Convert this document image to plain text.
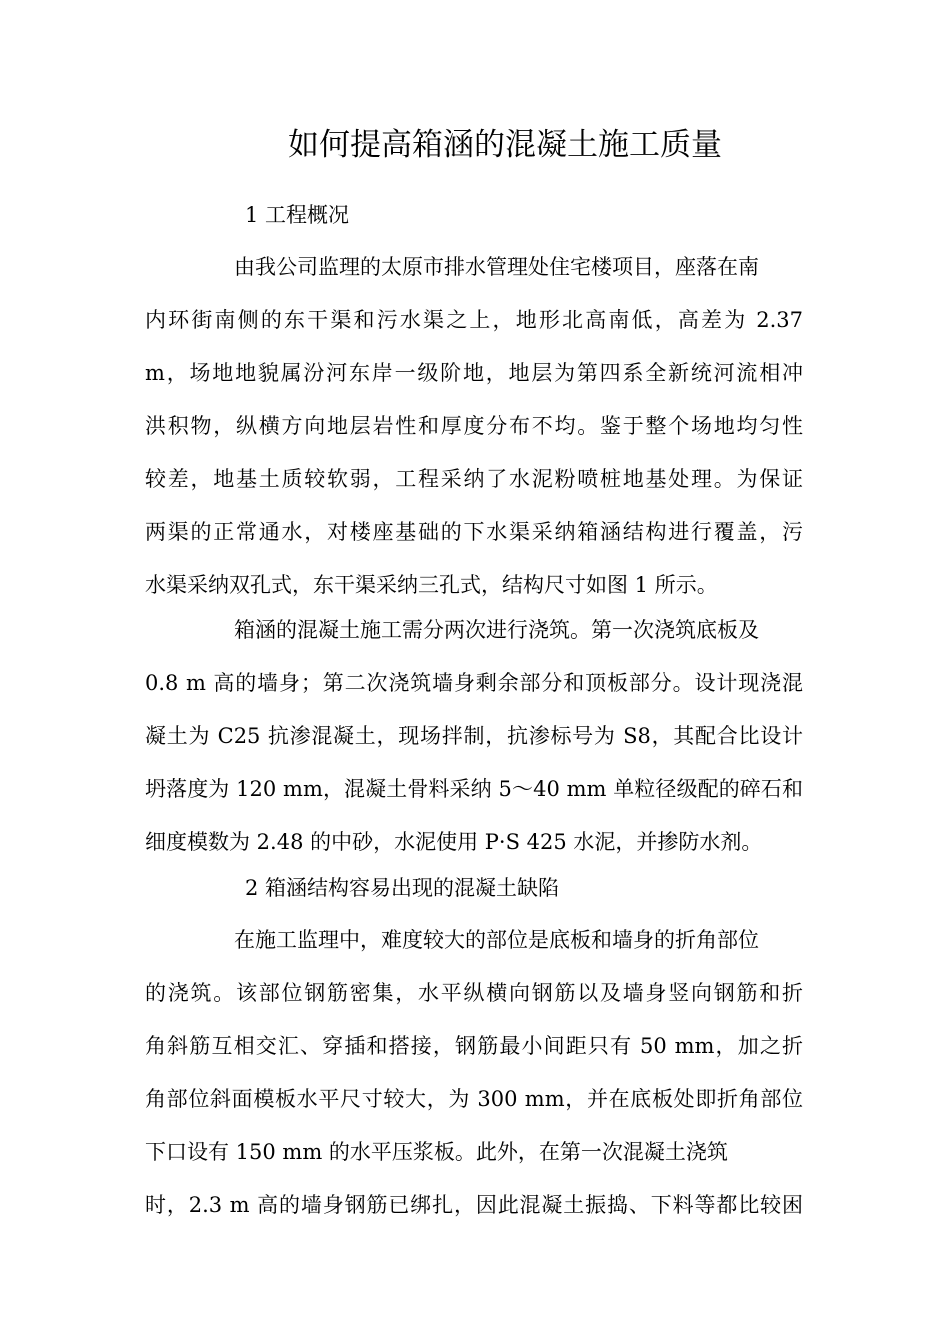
如何提高箱涵的混凝土施工质量
1 工程概况
由我公司监理的太原市排水管理处住宅楼项目，座落在南
内环街南侧的东干渠和污水渠之上，地形北高南低，高差为 2.37
m，场地地貌属汾河东岸一级阶地，地层为第四系全新统河流相冲
洪积物，纵横方向地层岩性和厚度分布不均。鉴于整个场地均匀性
较差，地基土质较软弱，工程采纳了水泥粉喷桩地基处理。为保证
两渠的正常通水，对楼座基础的下水渠采纳箱涵结构进行覆盖，污
水渠采纳双孔式，东干渠采纳三孔式，结构尺寸如图 1 所示。
箱涵的混凝土施工需分两次进行浇筑。第一次浇筑底板及
0.8 m 高的墙身；第二次浇筑墙身剩余部分和顶板部分。设计现浇混
凝土为 C25 抗渗混凝土，现场拌制，抗渗标号为 S8，其配合比设计
坍落度为 120 mm，混凝土骨料采纳 5～40 mm 单粒径级配的碎石和
细度模数为 2.48 的中砂，水泥使用 P·S 425 水泥，并掺防水剂。
2 箱涵结构容易出现的混凝土缺陷
在施工监理中，难度较大的部位是底板和墙身的折角部位
的浇筑。该部位钢筋密集，水平纵横向钢筋以及墙身竖向钢筋和折
角斜筋互相交汇、穿插和搭接，钢筋最小间距只有 50 mm，加之折
角部位斜面模板水平尺寸较大，为 300 mm，并在底板处即折角部位
下口设有 150 mm 的水平压浆板。此外，在第一次混凝土浇筑
时，2.3 m 高的墙身钢筋已绑扎，因此混凝土振捣、下料等都比较困
